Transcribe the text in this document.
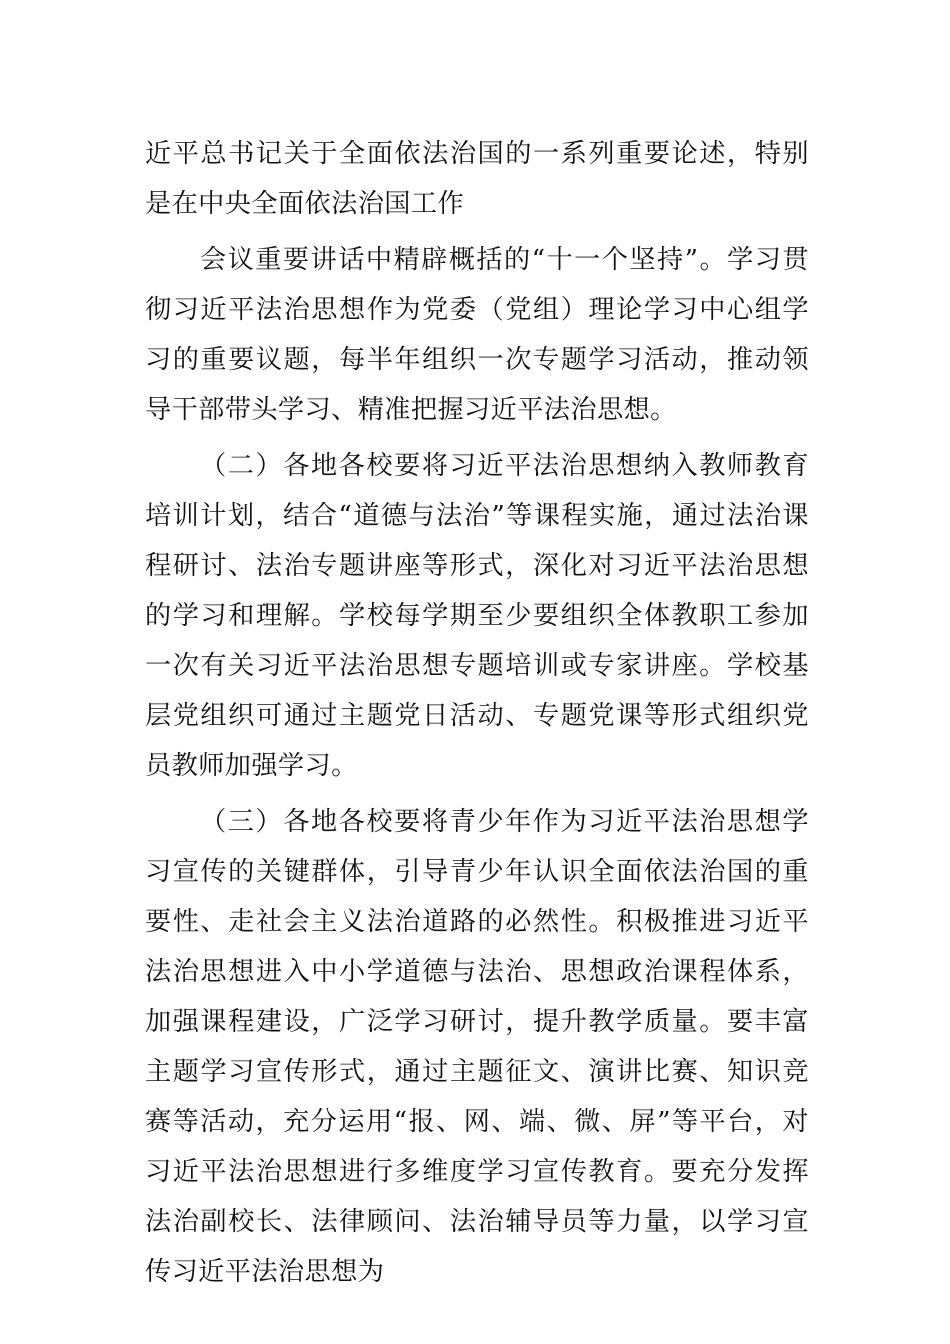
近平总书记关于全面依法治国的一系列重要论述，特别是在中央全面依法治国工作

会议重要讲话中精辟概括的“十一个坚持”。学习贯彻习近平法治思想作为党委（党组）理论学习中心组学习的重要议题，每半年组织一次专题学习活动，推动领导干部带头学习、精准把握习近平法治思想。

（二）各地各校要将习近平法治思想纳入教师教育培训计划，结合“道德与法治”等课程实施，通过法治课程研讨、法治专题讲座等形式，深化对习近平法治思想的学习和理解。学校每学期至少要组织全体教职工参加一次有关习近平法治思想专题培训或专家讲座。学校基层党组织可通过主题党日活动、专题党课等形式组织党员教师加强学习。

（三）各地各校要将青少年作为习近平法治思想学习宣传的关键群体，引导青少年认识全面依法治国的重要性、走社会主义法治道路的必然性。积极推进习近平法治思想进入中小学道德与法治、思想政治课程体系，加强课程建设，广泛学习研讨，提升教学质量。要丰富主题学习宣传形式，通过主题征文、演讲比赛、知识竞赛等活动，充分运用“报、网、端、微、屏”等平台，对习近平法治思想进行多维度学习宣传教育。要充分发挥法治副校长、法律顾问、法治辅导员等力量，以学习宣传习近平法治思想为
